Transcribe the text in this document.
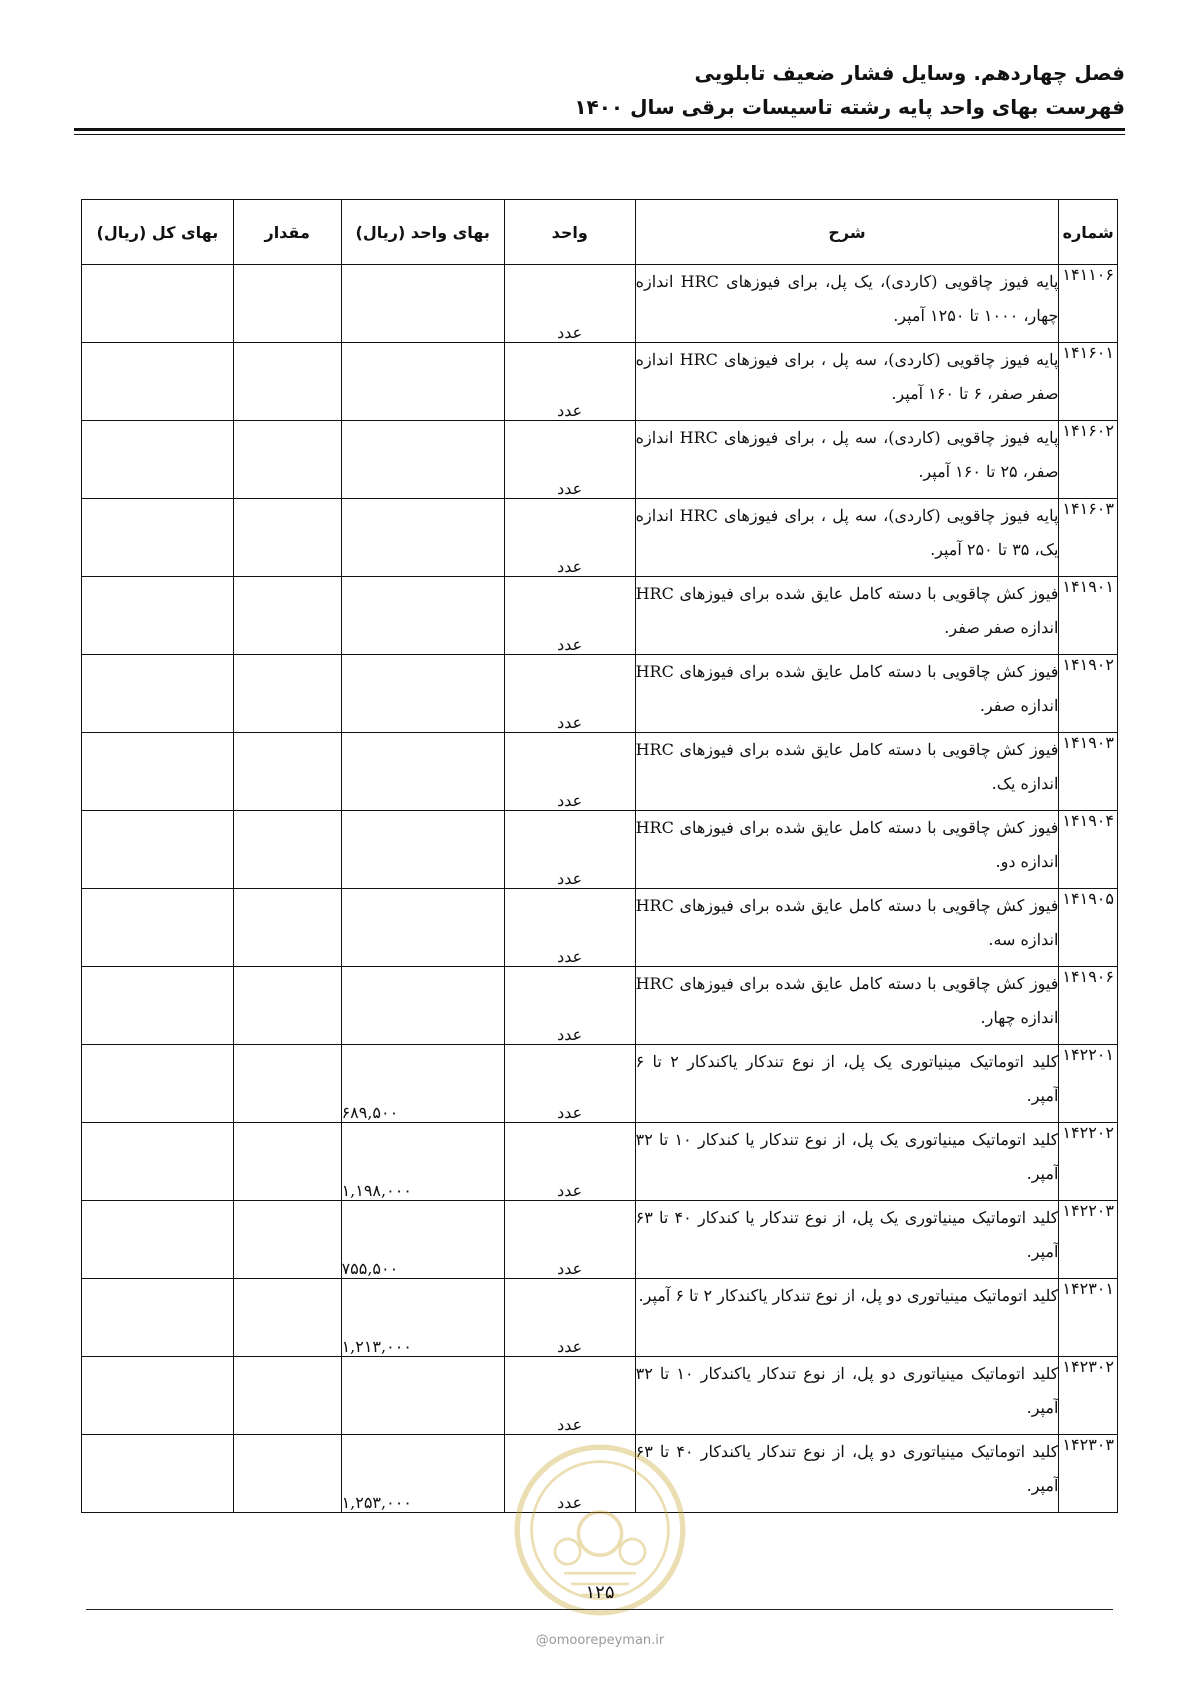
فصل چهاردهم. وسایل فشار ضعیف تابلویی
فهرست بهای واحد پایه رشته تاسیسات برقی سال ۱۴۰۰
شماره	شرح	واحد	بهای واحد (ریال)	مقدار	بهای کل (ریال)
۱۴۱۱۰۶	پایه فیوز چاقویی (کاردی)، یک پل، برای فیوزهای HRC اندازه چهار، ۱۰۰۰ تا ۱۲۵۰ آمپر.	عدد			
۱۴۱۶۰۱	پایه فیوز چاقویی (کاردی)، سه پل ، برای فیوزهای HRC اندازه صفر صفر، ۶ تا ۱۶۰ آمپر.	عدد			
۱۴۱۶۰۲	پایه فیوز چاقویی (کاردی)، سه پل ، برای فیوزهای HRC اندازه صفر، ۲۵ تا ۱۶۰ آمپر.	عدد			
۱۴۱۶۰۳	پایه فیوز چاقویی (کاردی)، سه پل ، برای فیوزهای HRC اندازه یک، ۳۵ تا ۲۵۰ آمپر.	عدد			
۱۴۱۹۰۱	فیوز کش چاقویی با دسته کامل عایق شده برای فیوزهای HRC اندازه صفر صفر.	عدد			
۱۴۱۹۰۲	فیوز کش چاقویی با دسته کامل عایق شده برای فیوزهای HRC اندازه صفر.	عدد			
۱۴۱۹۰۳	فیوز کش چاقویی با دسته کامل عایق شده برای فیوزهای HRC اندازه یک.	عدد			
۱۴۱۹۰۴	فیوز کش چاقویی با دسته کامل عایق شده برای فیوزهای HRC اندازه دو.	عدد			
۱۴۱۹۰۵	فیوز کش چاقویی با دسته کامل عایق شده برای فیوزهای HRC اندازه سه.	عدد			
۱۴۱۹۰۶	فیوز کش چاقویی با دسته کامل عایق شده برای فیوزهای HRC اندازه چهار.	عدد			
۱۴۲۲۰۱	کلید اتوماتیک مینیاتوری یک پل، از نوع تندکار یاکندکار ۲ تا ۶ آمپر.	عدد	۶۸۹,۵۰۰		
۱۴۲۲۰۲	کلید اتوماتیک مینیاتوری یک پل، از نوع تندکار یا کندکار ۱۰ تا ۳۲ آمپر.	عدد	۱,۱۹۸,۰۰۰		
۱۴۲۲۰۳	کلید اتوماتیک مینیاتوری یک پل، از نوع تندکار یا کندکار ۴۰ تا ۶۳ آمپر.	عدد	۷۵۵,۵۰۰		
۱۴۲۳۰۱	کلید اتوماتیک مینیاتوری دو پل، از نوع تندکار یاکندکار ۲ تا ۶ آمپر.	عدد	۱,۲۱۳,۰۰۰		
۱۴۲۳۰۲	کلید اتوماتیک مینیاتوری دو پل، از نوع تندکار یاکندکار ۱۰ تا ۳۲ آمپر.	عدد			
۱۴۲۳۰۳	کلید اتوماتیک مینیاتوری دو پل، از نوع تندکار یاکندکار ۴۰ تا ۶۳ آمپر.	عدد	۱,۲۵۳,۰۰۰		
۱۲۵
@omoorepeyman.ir
